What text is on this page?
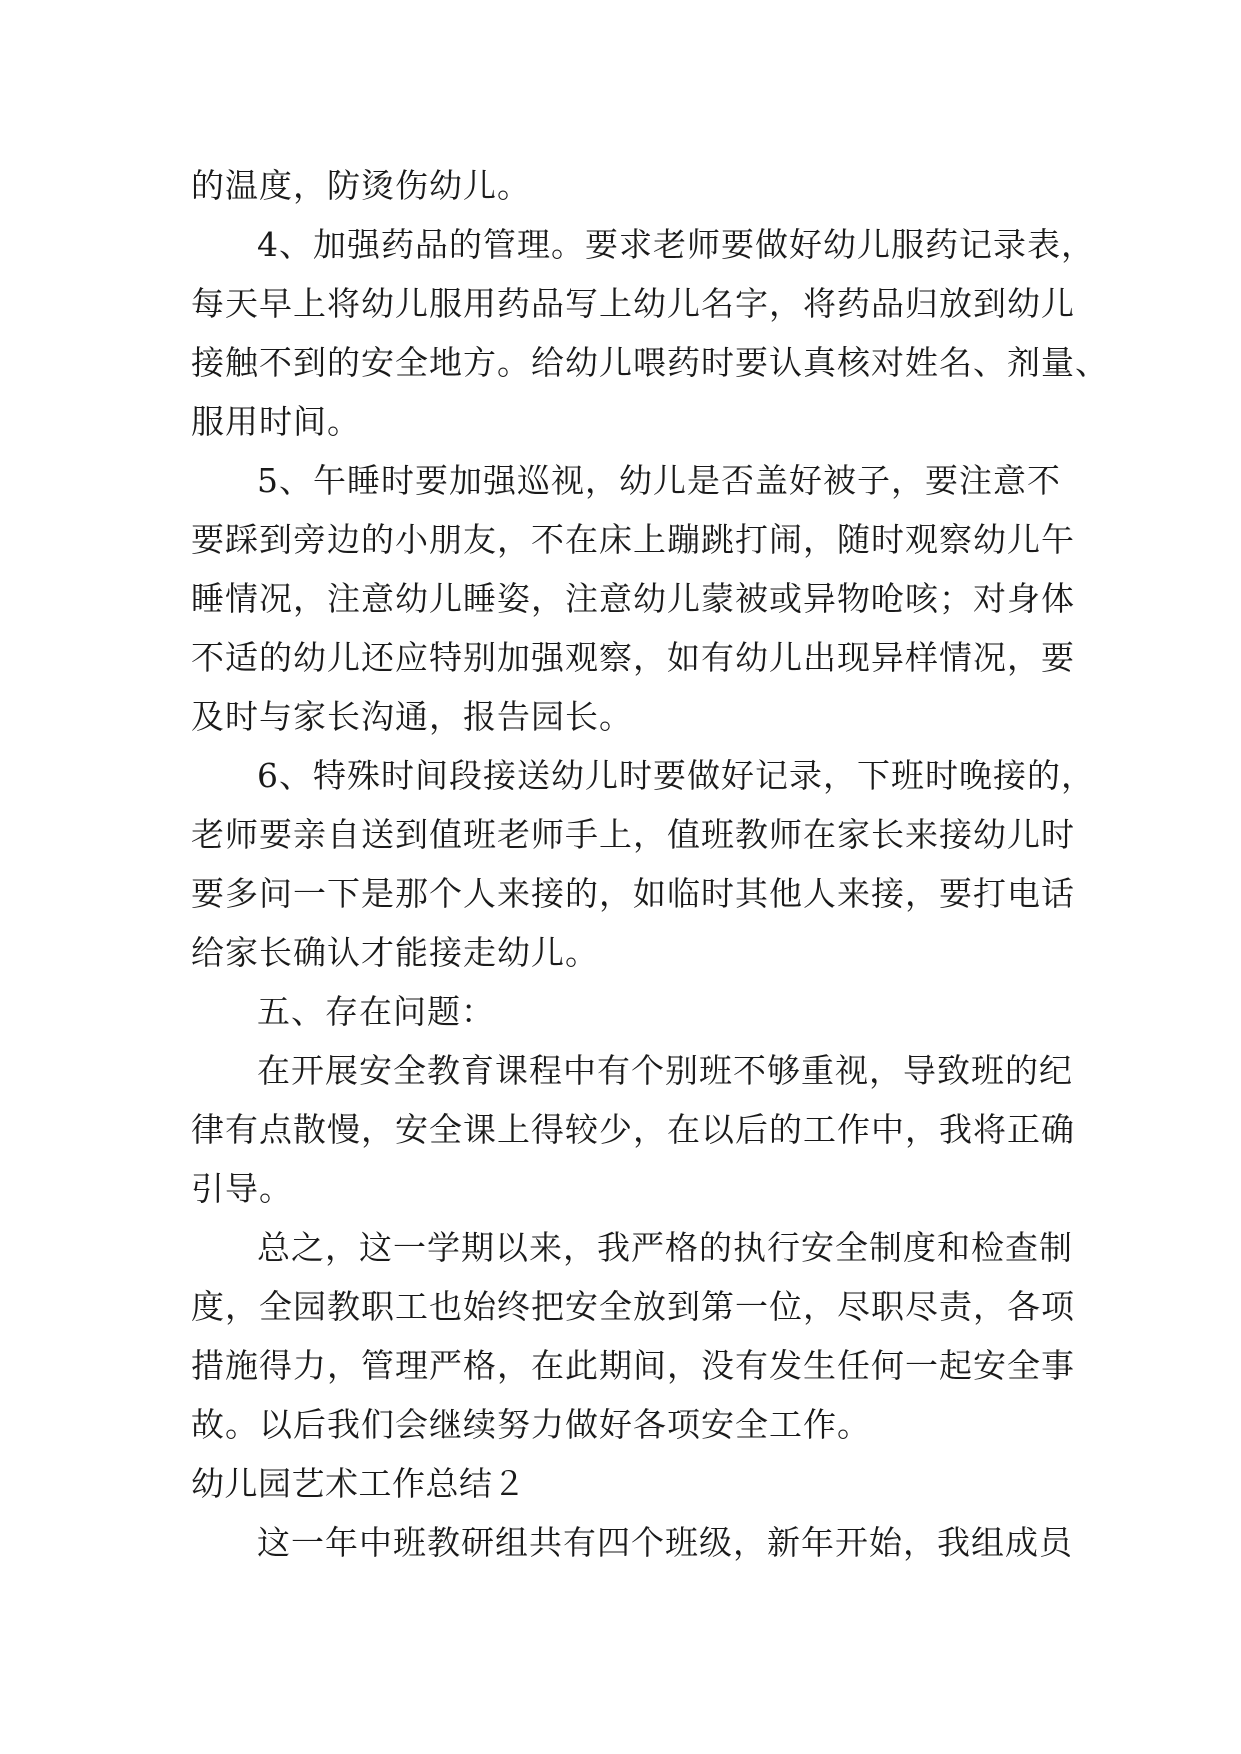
的温度，防烫伤幼儿。
4、加强药品的管理。要求老师要做好幼儿服药记录表，
每天早上将幼儿服用药品写上幼儿名字，将药品归放到幼儿
接触不到的安全地方。给幼儿喂药时要认真核对姓名、剂量、
服用时间。
5、午睡时要加强巡视，幼儿是否盖好被子，要注意不
要踩到旁边的小朋友，不在床上蹦跳打闹，随时观察幼儿午
睡情况，注意幼儿睡姿，注意幼儿蒙被或异物呛咳；对身体
不适的幼儿还应特别加强观察，如有幼儿出现异样情况，要
及时与家长沟通，报告园长。
6、特殊时间段接送幼儿时要做好记录，下班时晚接的，
老师要亲自送到值班老师手上，值班教师在家长来接幼儿时
要多问一下是那个人来接的，如临时其他人来接，要打电话
给家长确认才能接走幼儿。
五、存在问题：
在开展安全教育课程中有个别班不够重视，导致班的纪
律有点散慢，安全课上得较少，在以后的工作中，我将正确
引导。
总之，这一学期以来，我严格的执行安全制度和检查制
度，全园教职工也始终把安全放到第一位，尽职尽责，各项
措施得力，管理严格，在此期间，没有发生任何一起安全事
故。以后我们会继续努力做好各项安全工作。
幼儿园艺术工作总结２
这一年中班教研组共有四个班级，新年开始，我组成员
